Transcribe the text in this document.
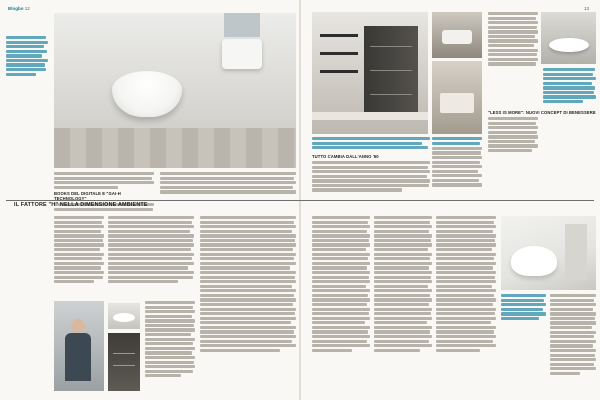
Blogbo 12	13
BOOKS DEL DIGITALE E "GAI-H TECHNOLOGY"
TUTTO CAMBIA DALL'ANNO '60
"LESS IS MORE": NUOVI CONCEPT DI BENESSERE
IL FATTORE "H" NELLA DIMENSIONE AMBIENTE
